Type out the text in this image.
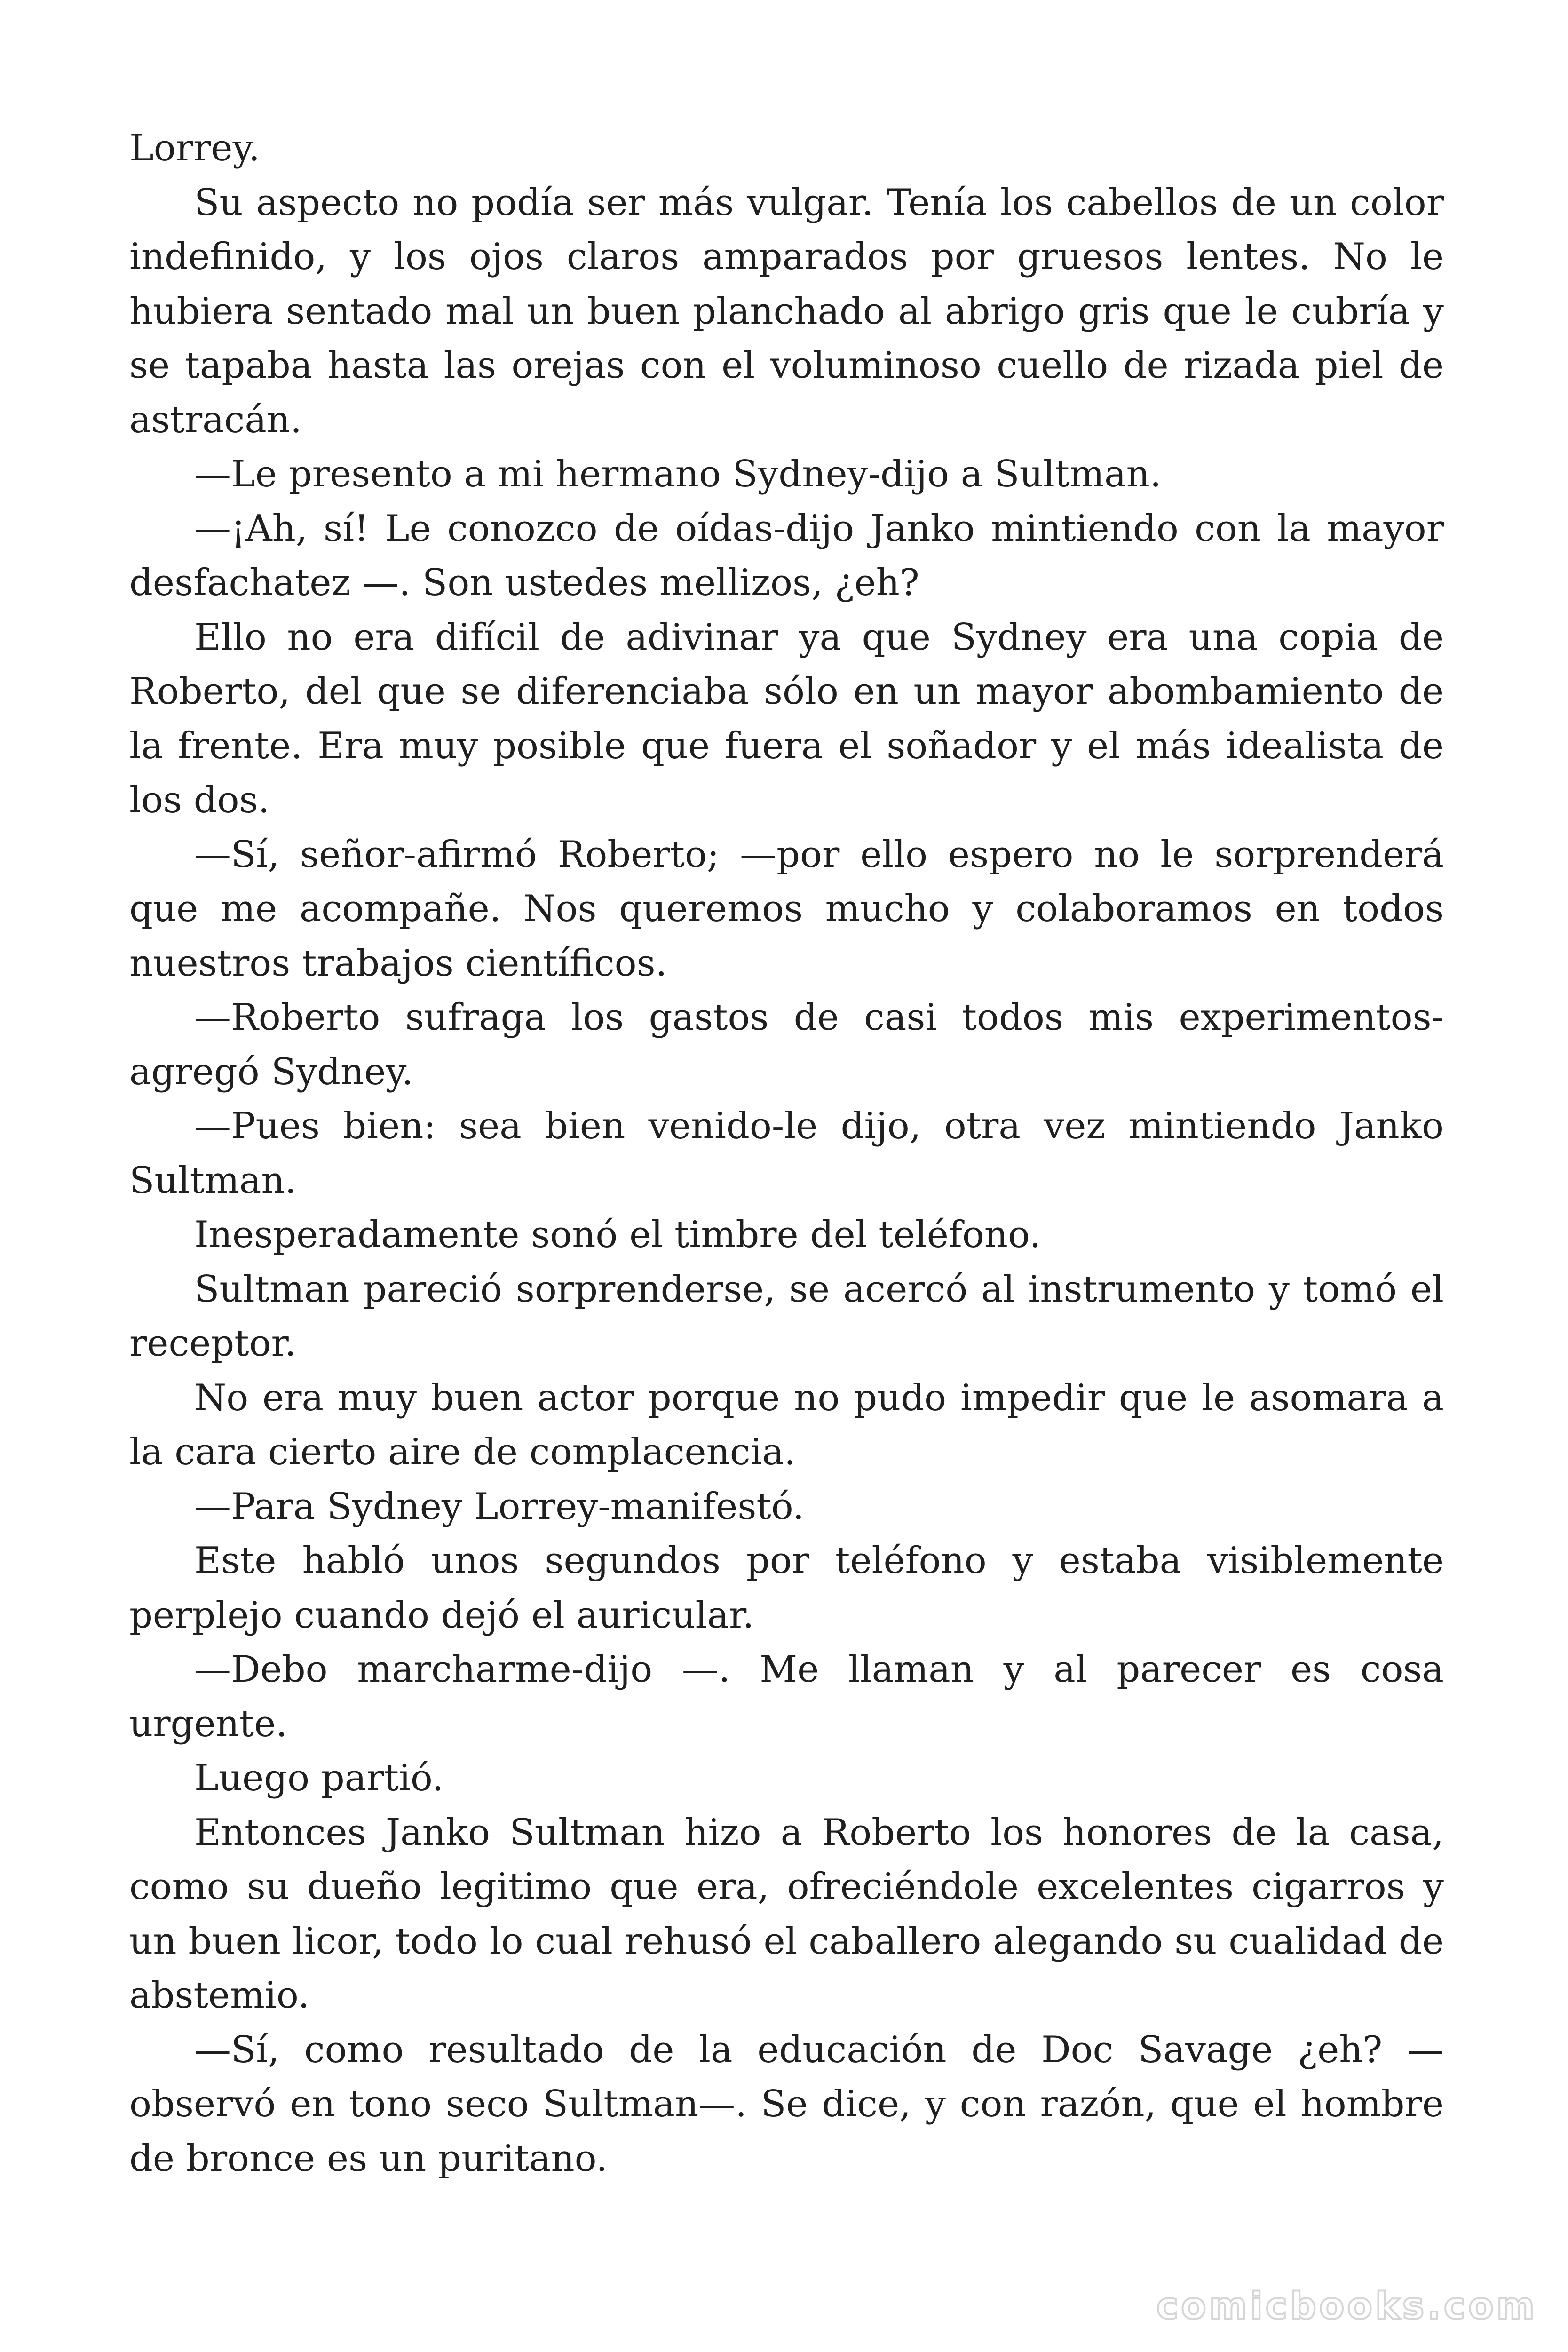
Lorrey.

Su aspecto no podía ser más vulgar. Tenía los cabellos de un color indefinido, y los ojos claros amparados por gruesos lentes. No le hubiera sentado mal un buen planchado al abrigo gris que le cubría y se tapaba hasta las orejas con el voluminoso cuello de rizada piel de astracán.

—Le presento a mi hermano Sydney-dijo a Sultman.

—¡Ah, sí! Le conozco de oídas-dijo Janko mintiendo con la mayor desfachatez —. Son ustedes mellizos, ¿eh?

Ello no era difícil de adivinar ya que Sydney era una copia de Roberto, del que se diferenciaba sólo en un mayor abombamiento de la frente. Era muy posible que fuera el soñador y el más idealista de los dos.

—Sí, señor-afirmó Roberto; —por ello espero no le sorprenderá que me acompañe. Nos queremos mucho y colaboramos en todos nuestros trabajos científicos.

—Roberto sufraga los gastos de casi todos mis experimentos-agregó Sydney.

—Pues bien: sea bien venido-le dijo, otra vez mintiendo Janko Sultman.

Inesperadamente sonó el timbre del teléfono.

Sultman pareció sorprenderse, se acercó al instrumento y tomó el receptor.

No era muy buen actor porque no pudo impedir que le asomara a la cara cierto aire de complacencia.

—Para Sydney Lorrey-manifestó.

Este habló unos segundos por teléfono y estaba visiblemente perplejo cuando dejó el auricular.

—Debo marcharme-dijo —. Me llaman y al parecer es cosa urgente.

Luego partió.

Entonces Janko Sultman hizo a Roberto los honores de la casa, como su dueño legitimo que era, ofreciéndole excelentes cigarros y un buen licor, todo lo cual rehusó el caballero alegando su cualidad de abstemio.

—Sí, como resultado de la educación de Doc Savage ¿eh? —observó en tono seco Sultman—. Se dice, y con razón, que el hombre de bronce es un puritano.

comicbooks.com
